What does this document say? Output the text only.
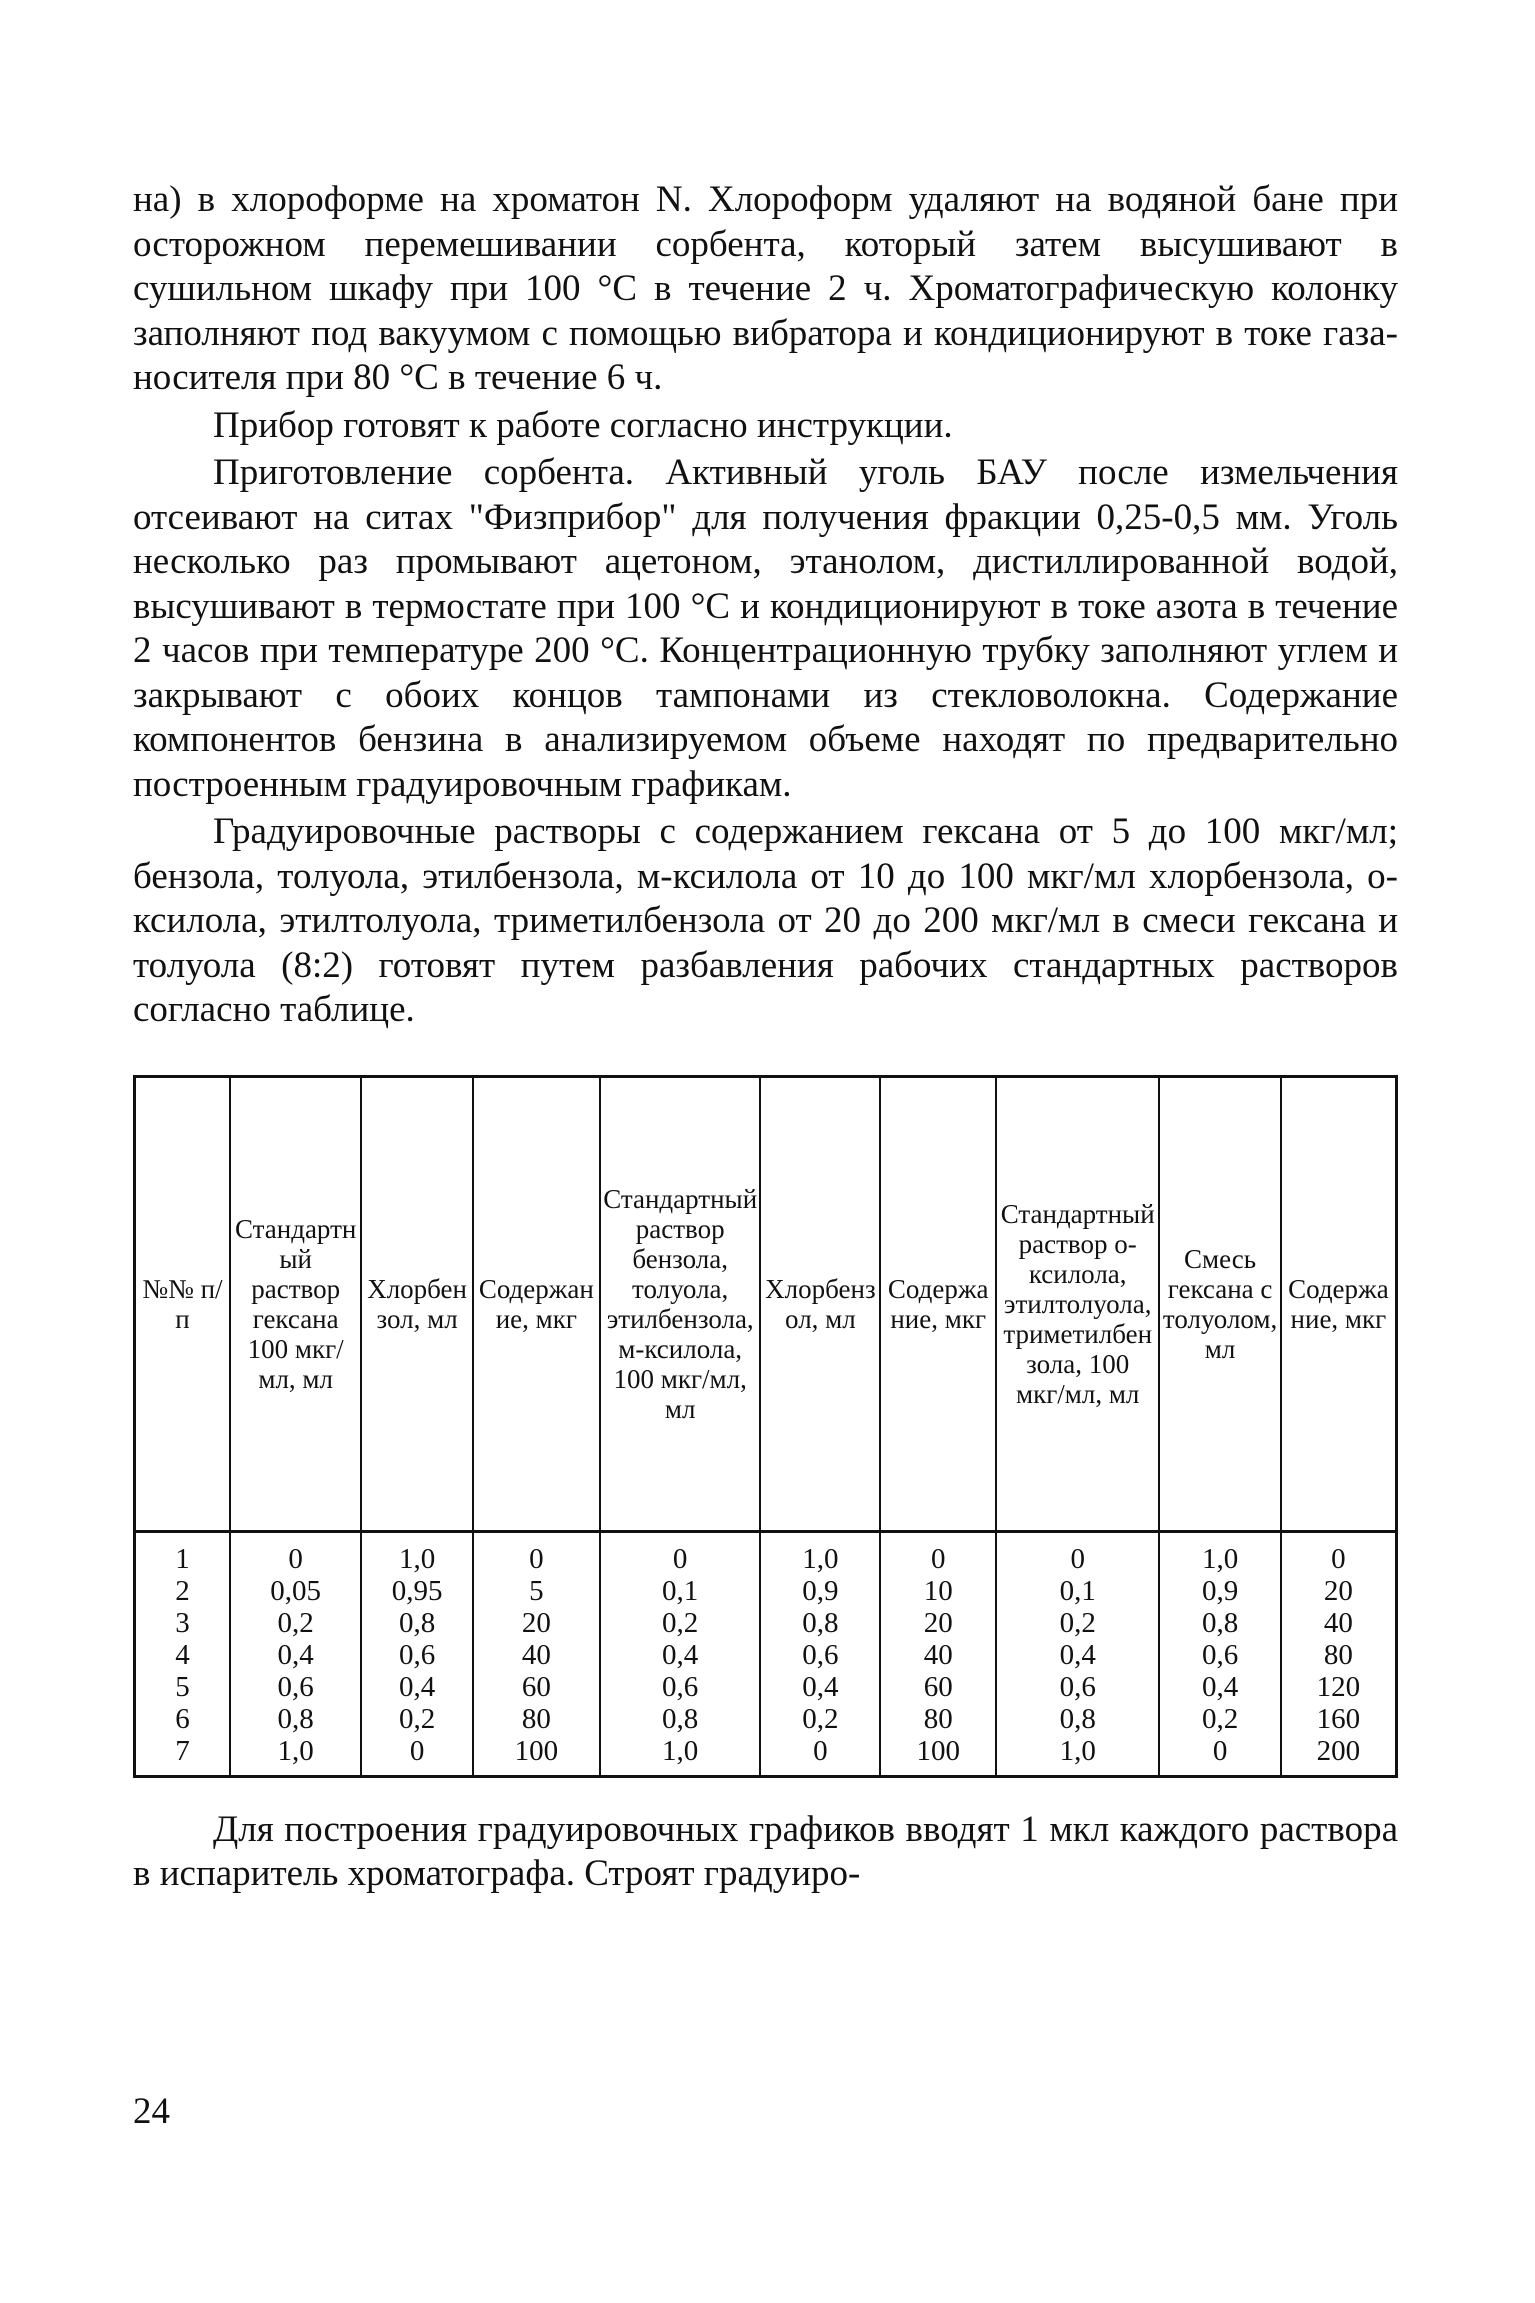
на) в хлороформе на хроматон N. Хлороформ удаляют на водяной бане при осторожном перемешивании сорбента, который затем высушивают в сушильном шкафу при 100 °С в течение 2 ч. Хроматографическую колонку заполняют под вакуумом с помощью вибратора и кондиционируют в токе газа-носителя при 80 °С в течение 6 ч.

Прибор готовят к работе согласно инструкции.

Приготовление сорбента. Активный уголь БАУ после измельчения отсеивают на ситах "Физприбор" для получения фракции 0,25-0,5 мм. Уголь несколько раз промывают ацетоном, этанолом, дистиллированной водой, высушивают в термостате при 100 °С и кондиционируют в токе азота в течение 2 часов при температуре 200 °С. Концентрационную трубку заполняют углем и закрывают с обоих концов тампонами из стекловолокна. Содержание компонентов бензина в анализируемом объеме находят по предварительно построенным градуировочным графикам.

Градуировочные растворы с содержанием гексана от 5 до 100 мкг/мл; бензола, толуола, этилбензола, м-ксилола от 10 до 100 мкг/мл хлорбензола, о-ксилола, этилтолуола, триметилбензола от 20 до 200 мкг/мл в смеси гексана и толуола (8:2) готовят путем разбавления рабочих стандартных растворов согласно таблице.

№№ п/п	Стандартный раствор гексана 100 мкг/мл, мл	Хлорбензол, мл	Содержание, мкг	Стандартный раствор бензола, толуола, этилбензола, м-ксилола, 100 мкг/мл, мл	Хлорбензол, мл	Содержание, мкг	Стандартный раствор о-ксилола, этилтолуола, триметилбензола, 100 мкг/мл, мл	Смесь гексана с толуолом, мл	Содержание, мкг
1	0	1,0	0	0	1,0	0	0	1,0	0
2	0,05	0,95	5	0,1	0,9	10	0,1	0,9	20
3	0,2	0,8	20	0,2	0,8	20	0,2	0,8	40
4	0,4	0,6	40	0,4	0,6	40	0,4	0,6	80
5	0,6	0,4	60	0,6	0,4	60	0,6	0,4	120
6	0,8	0,2	80	0,8	0,2	80	0,8	0,2	160
7	1,0	0	100	1,0	0	100	1,0	0	200

Для построения градуировочных графиков вводят 1 мкл каждого раствора в испаритель хроматографа. Строят градуиро-

24
